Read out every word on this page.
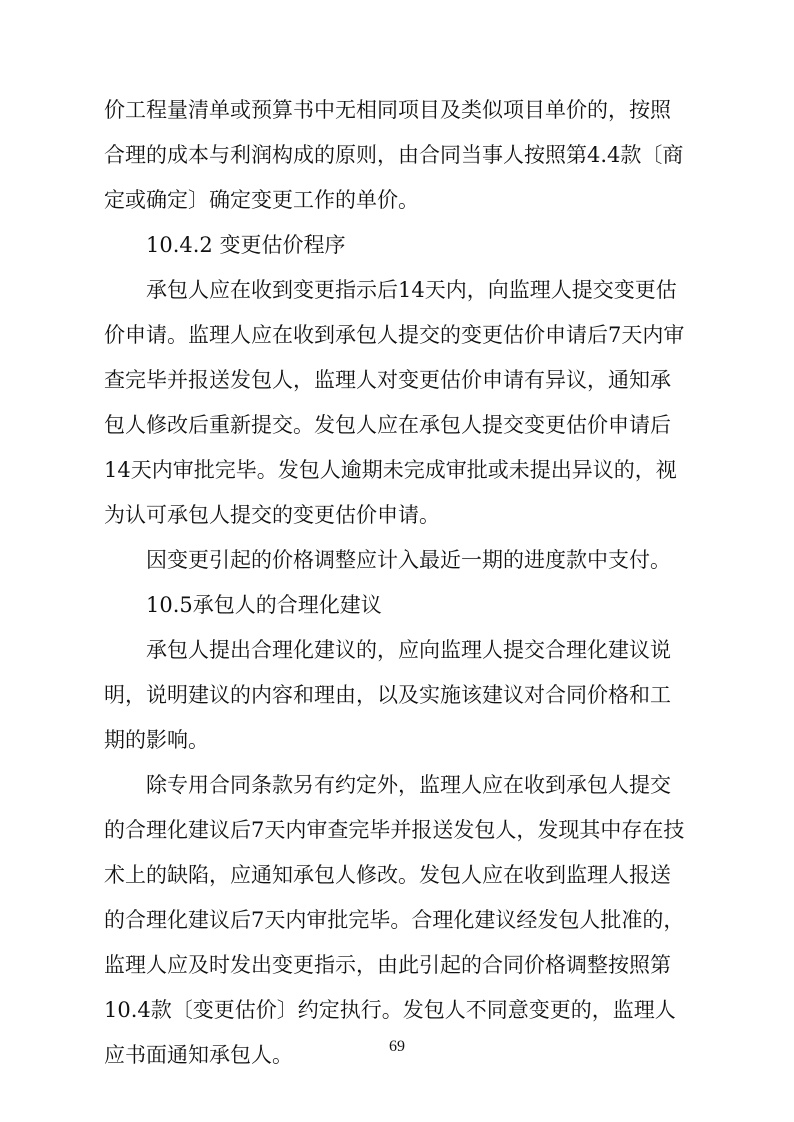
价工程量清单或预算书中无相同项目及类似项目单价的，按照
合理的成本与利润构成的原则，由合同当事人按照第4.4款〔商
定或确定〕确定变更工作的单价。
10.4.2 变更估价程序
承包人应在收到变更指示后14天内，向监理人提交变更估
价申请。监理人应在收到承包人提交的变更估价申请后7天内审
查完毕并报送发包人，监理人对变更估价申请有异议，通知承
包人修改后重新提交。发包人应在承包人提交变更估价申请后
14天内审批完毕。发包人逾期未完成审批或未提出异议的，视
为认可承包人提交的变更估价申请。
因变更引起的价格调整应计入最近一期的进度款中支付。
10.5承包人的合理化建议
承包人提出合理化建议的，应向监理人提交合理化建议说
明，说明建议的内容和理由，以及实施该建议对合同价格和工
期的影响。
除专用合同条款另有约定外，监理人应在收到承包人提交
的合理化建议后7天内审查完毕并报送发包人，发现其中存在技
术上的缺陷，应通知承包人修改。发包人应在收到监理人报送
的合理化建议后7天内审批完毕。合理化建议经发包人批准的，
监理人应及时发出变更指示，由此引起的合同价格调整按照第
10.4款〔变更估价〕约定执行。发包人不同意变更的，监理人
应书面通知承包人。	69
